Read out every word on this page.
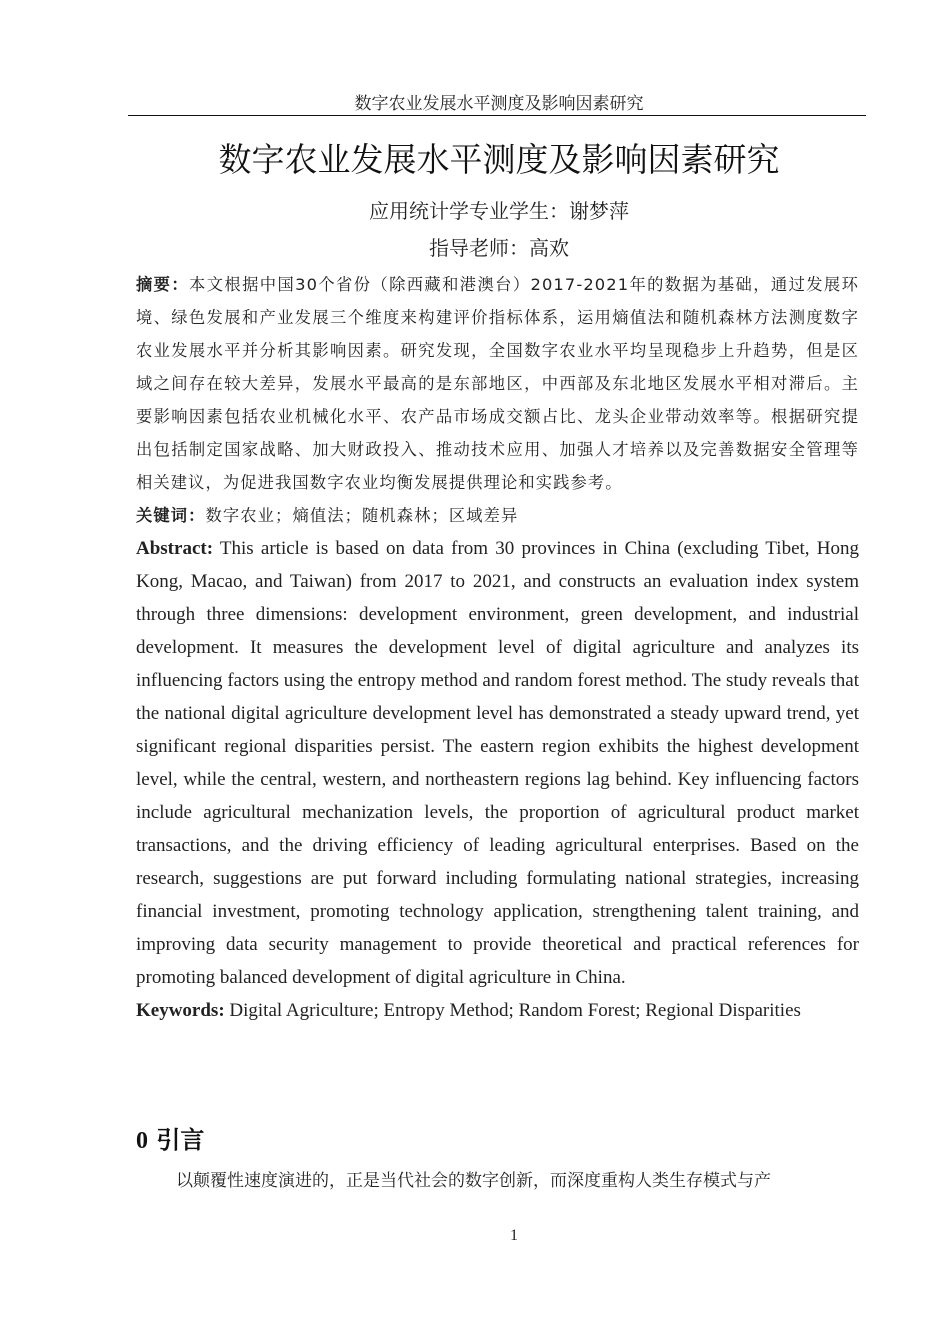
数字农业发展水平测度及影响因素研究
数字农业发展水平测度及影响因素研究
应用统计学专业学生：谢梦萍
指导老师：高欢

摘要：本文根据中国30个省份（除西藏和港澳台）2017-2021年的数据为基础，通过发展环境、绿色发展和产业发展三个维度来构建评价指标体系，运用熵值法和随机森林方法测度数字农业发展水平并分析其影响因素。研究发现，全国数字农业水平均呈现稳步上升趋势，但是区域之间存在较大差异，发展水平最高的是东部地区，中西部及东北地区发展水平相对滞后。主要影响因素包括农业机械化水平、农产品市场成交额占比、龙头企业带动效率等。根据研究提出包括制定国家战略、加大财政投入、推动技术应用、加强人才培养以及完善数据安全管理等相关建议，为促进我国数字农业均衡发展提供理论和实践参考。

关键词：数字农业；熵值法；随机森林；区域差异

Abstract: This article is based on data from 30 provinces in China (excluding Tibet, Hong Kong, Macao, and Taiwan) from 2017 to 2021, and constructs an evaluation index system through three dimensions: development environment, green development, and industrial development. It measures the development level of digital agriculture and analyzes its influencing factors using the entropy method and random forest method. The study reveals that the national digital agriculture development level has demonstrated a steady upward trend, yet significant regional disparities persist. The eastern region exhibits the highest development level, while the central, western, and northeastern regions lag behind. Key influencing factors include agricultural mechanization levels, the proportion of agricultural product market transactions, and the driving efficiency of leading agricultural enterprises. Based on the research, suggestions are put forward including formulating national strategies, increasing financial investment, promoting technology application, strengthening talent training, and improving data security management to provide theoretical and practical references for promoting balanced development of digital agriculture in China.

Keywords: Digital Agriculture; Entropy Method; Random Forest; Regional Disparities

0 引言

以颠覆性速度演进的，正是当代社会的数字创新，而深度重构人类生存模式与产

1
